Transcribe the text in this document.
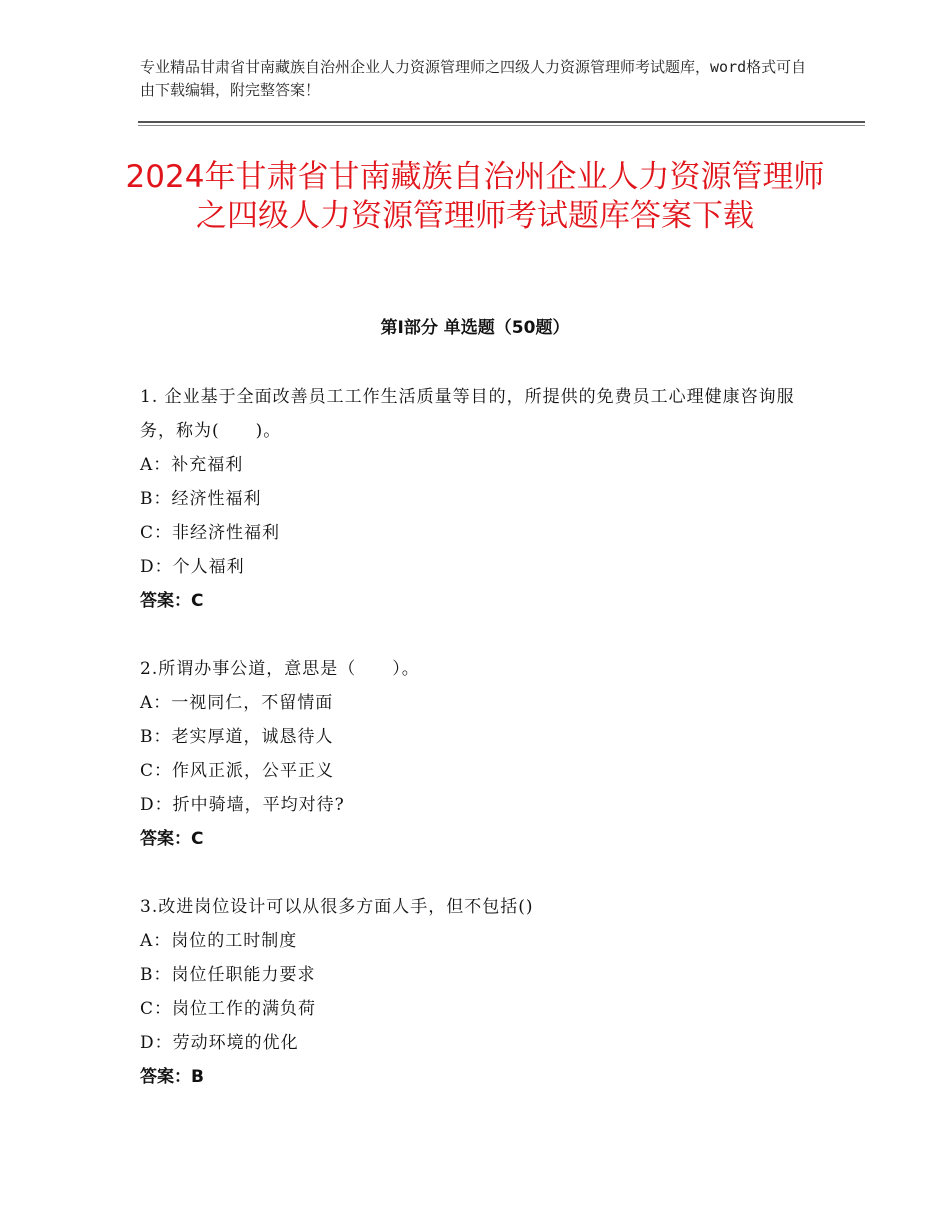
专业精品甘肃省甘南藏族自治州企业人力资源管理师之四级人力资源管理师考试题库，word格式可自由下载编辑，附完整答案！
2024年甘肃省甘南藏族自治州企业人力资源管理师之四级人力资源管理师考试题库答案下载
第Ⅰ部分 单选题（50题）
1. 企业基于全面改善员工工作生活质量等目的，所提供的免费员工心理健康咨询服务，称为(　　)。
A：补充福利
B：经济性福利
C：非经济性福利
D：个人福利
答案：C
2.所谓办事公道，意思是（　　）。
A：一视同仁，不留情面
B：老实厚道，诚恳待人
C：作风正派，公平正义
D：折中骑墙，平均对待?
答案：C
3.改进岗位设计可以从很多方面人手，但不包括()
A：岗位的工时制度
B：岗位任职能力要求
C：岗位工作的满负荷
D：劳动环境的优化
答案：B
